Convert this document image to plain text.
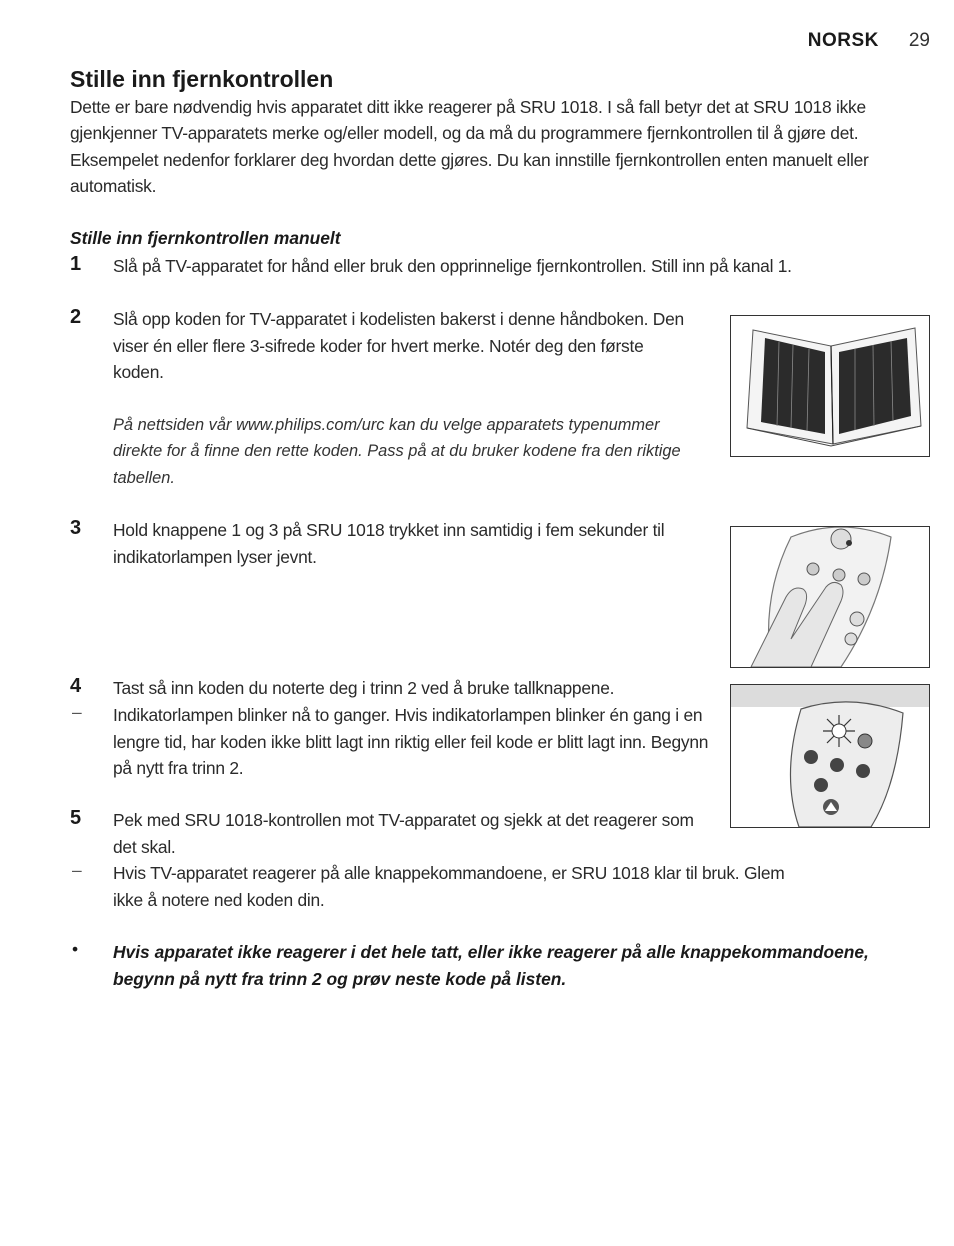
NORSK 29
Stille inn fjernkontrollen

Dette er bare nødvendig hvis apparatet ditt ikke reagerer på SRU 1018. I så fall betyr det at SRU 1018 ikke gjenkjenner TV-apparatets merke og/eller modell, og da må du programmere fjernkontrollen til å gjøre det. Eksempelet nedenfor forklarer deg hvordan dette gjøres. Du kan innstille fjernkontrollen enten manuelt eller automatisk.

Stille inn fjernkontrollen manuelt
1 Slå på TV-apparatet for hånd eller bruk den opprinnelige fjernkontrollen. Still inn på kanal 1.

2 Slå opp koden for TV-apparatet i kodelisten bakerst i denne håndboken. Den viser én eller flere 3-sifrede koder for hvert merke. Notér deg den første koden.

På nettsiden vår www.philips.com/urc kan du velge apparatets typenummer direkte for å finne den rette koden. Pass på at du bruker kodene fra den riktige tabellen.

3 Hold knappene 1 og 3 på SRU 1018 trykket inn samtidig i fem sekunder til indikatorlampen lyser jevnt.

4 Tast så inn koden du noterte deg i trinn 2 ved å bruke tallknappene.

– Indikatorlampen blinker nå to ganger. Hvis indikatorlampen blinker én gang i en lengre tid, har koden ikke blitt lagt inn riktig eller feil kode er blitt lagt inn. Begynn på nytt fra trinn 2.

5 Pek med SRU 1018-kontrollen mot TV-apparatet og sjekk at det reagerer som det skal.

– Hvis TV-apparatet reagerer på alle knappekommandoene, er SRU 1018 klar til bruk. Glem ikke å notere ned koden din.

• Hvis apparatet ikke reagerer i det hele tatt, eller ikke reagerer på alle knappekommandoene, begynn på nytt fra trinn 2 og prøv neste kode på listen.
